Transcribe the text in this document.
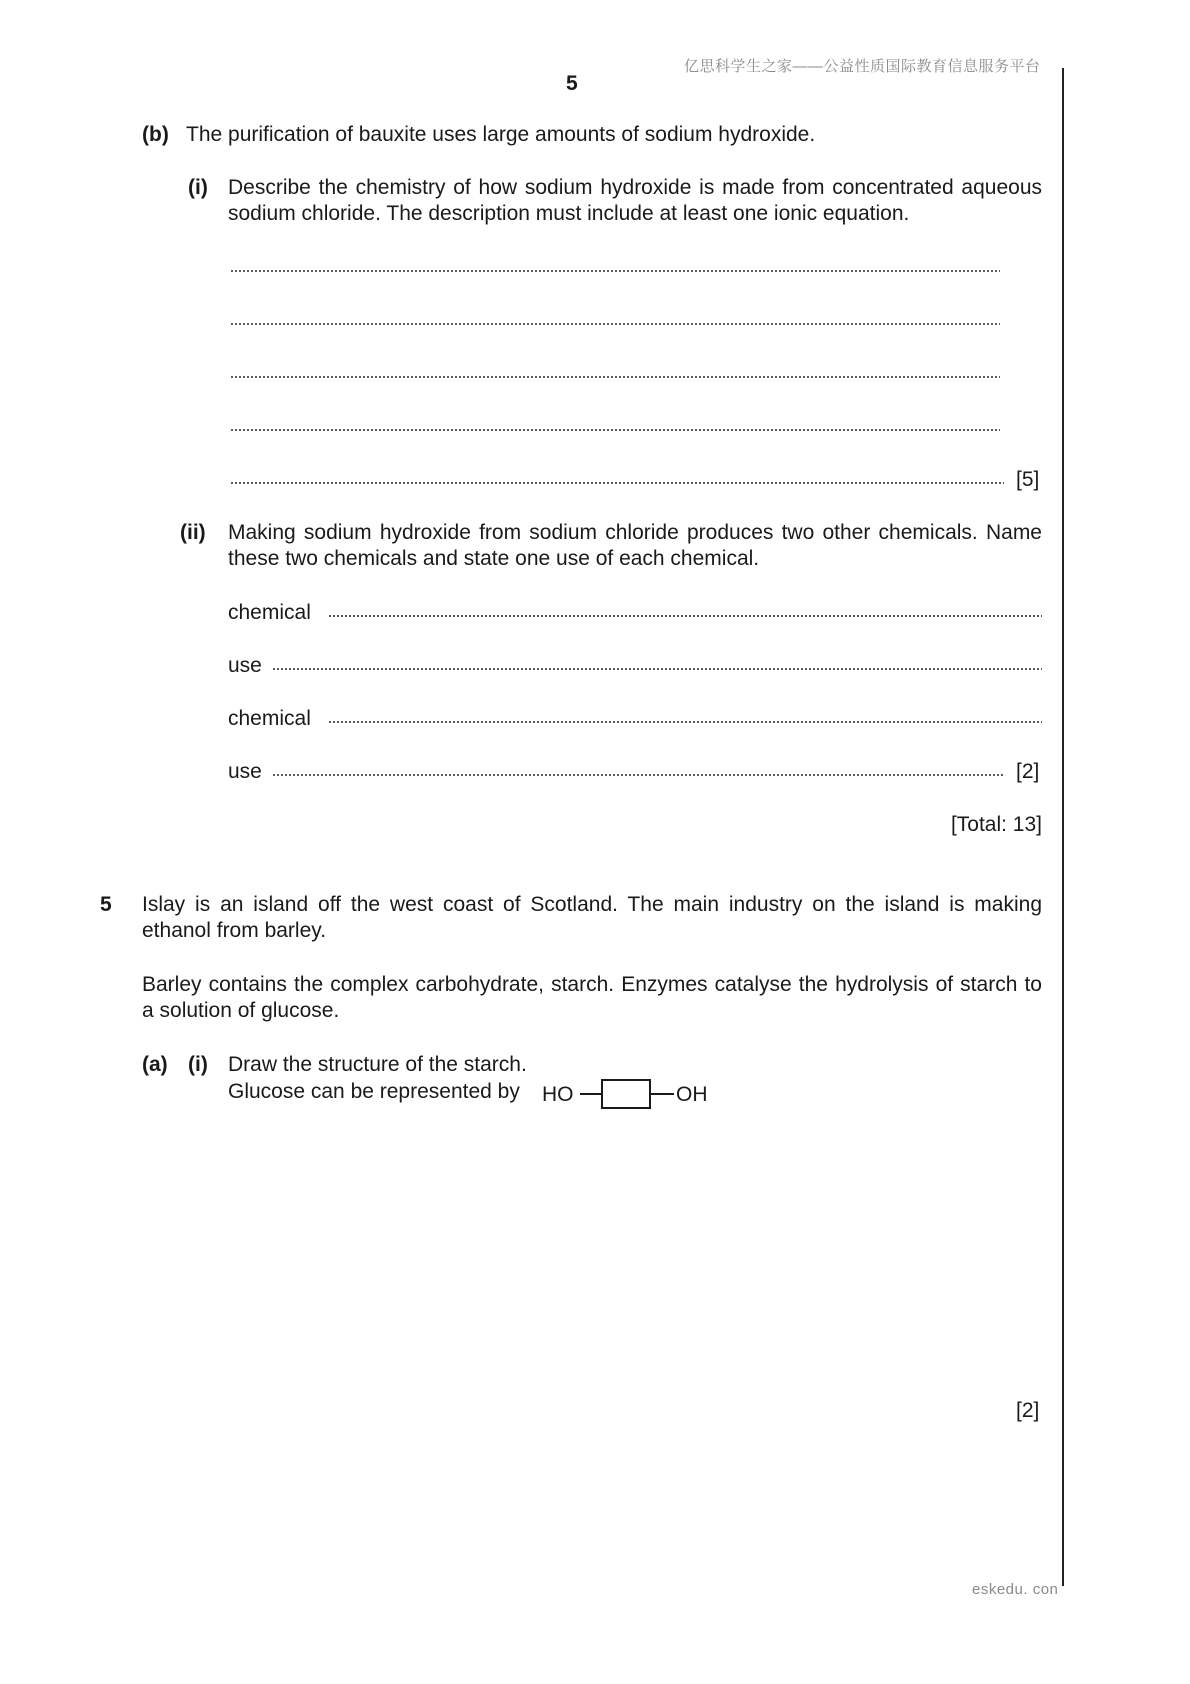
亿思科学生之家——公益性质国际教育信息服务平台
5
(b) The purification of bauxite uses large amounts of sodium hydroxide.
(i) Describe the chemistry of how sodium hydroxide is made from concentrated aqueous sodium chloride. The description must include at least one ionic equation.
[5]
(ii) Making sodium hydroxide from sodium chloride produces two other chemicals. Name these two chemicals and state one use of each chemical.
chemical
use
chemical
use	[2]
[Total: 13]
5 Islay is an island off the west coast of Scotland. The main industry on the island is making ethanol from barley.
Barley contains the complex carbohydrate, starch. Enzymes catalyse the hydrolysis of starch to a solution of glucose.
(a) (i) Draw the structure of the starch.
Glucose can be represented by HO	OH
[2]
eskedu. con
